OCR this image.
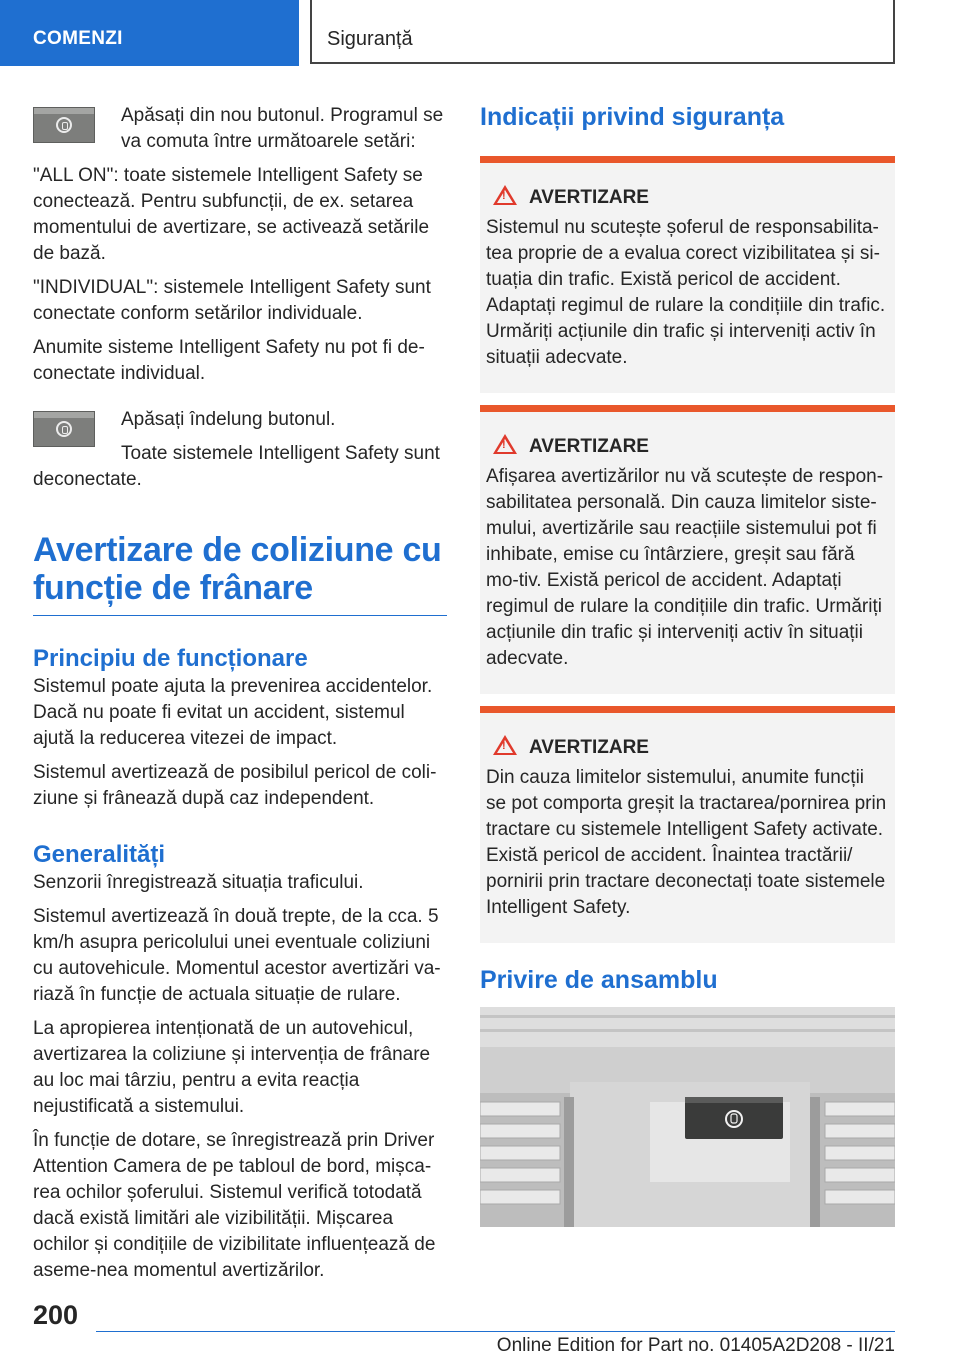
COMENZI	Siguranță

Apăsați din nou butonul. Programul se va comuta între următoarele setări:

"ALL ON": toate sistemele Intelligent Safety se conectează. Pentru subfuncții, de ex. setarea momentului de avertizare, se activează setările de bază.

"INDIVIDUAL": sistemele Intelligent Safety sunt conectate conform setărilor individuale.

Anumite sisteme Intelligent Safety nu pot fi de-conectate individual.

Apăsați îndelung butonul.

Toate sistemele Intelligent Safety sunt deconectate.

Avertizare de coliziune cu funcție de frânare
Principiu de funcționare

Sistemul poate ajuta la prevenirea accidentelor. Dacă nu poate fi evitat un accident, sistemul ajută la reducerea vitezei de impact.

Sistemul avertizează de posibilul pericol de coli-ziune și frânează după caz independent.

Generalități

Senzorii înregistrează situația traficului.

Sistemul avertizează în două trepte, de la cca. 5 km/h asupra pericolului unei eventuale coliziuni cu autovehicule. Momentul acestor avertizări va-riază în funcție de actuala situație de rulare.

La apropierea intenționată de un autovehicul, avertizarea la coliziune și intervenția de frânare au loc mai târziu, pentru a evita reacția nejustificată a sistemului.

În funcție de dotare, se înregistrează prin Driver Attention Camera de pe tabloul de bord, mișca-rea ochilor șoferului. Sistemul verifică totodată dacă există limitări ale vizibilității. Mișcarea ochilor și condițiile de vizibilitate influențează de aseme-nea momentul avertizărilor.

Indicații privind siguranța
!AVERTIZARE
Sistemul nu scutește șoferul de responsabilita-tea proprie de a evalua corect vizibilitatea și si-tuația din trafic. Există pericol de accident. Adaptați regimul de rulare la condițiile din trafic. Urmăriți acțiunile din trafic și interveniți activ în situații adecvate.
!AVERTIZARE
Afișarea avertizărilor nu vă scutește de respon-sabilitatea personală. Din cauza limitelor siste-mului, avertizările sau reacțiile sistemului pot fi inhibate, emise cu întârziere, greșit sau fără mo-tiv. Există pericol de accident. Adaptați regimul de rulare la condițiile din trafic. Urmăriți acțiunile din trafic și interveniți activ în situații adecvate.
!AVERTIZARE
Din cauza limitelor sistemului, anumite funcții se pot comporta greșit la tractarea/pornirea prin tractare cu sistemele Intelligent Safety activate. Există pericol de accident. Înaintea tractării/ pornirii prin tractare deconectați toate sistemele Intelligent Safety.
Privire de ansamblu
200
Online Edition for Part no. 01405A2D208 - II/21
